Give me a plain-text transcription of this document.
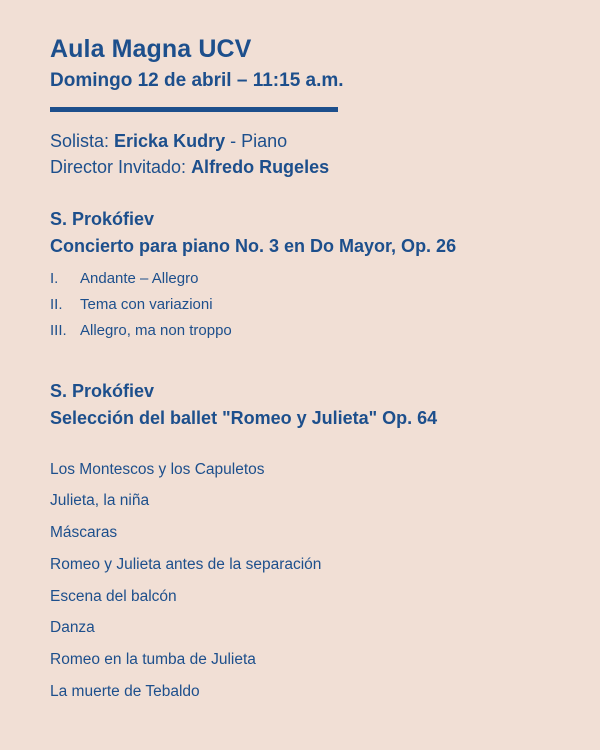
Aula Magna UCV
Domingo 12 de abril – 11:15 a.m.

Solista: Ericka Kudry - Piano

Director Invitado: Alfredo Rugeles

S. Prokófiev

Concierto para piano No. 3 en Do Mayor, Op. 26

I.	Andante – Allegro
II.	Tema con variazioni
III. Allegro, ma non troppo

S. Prokófiev

Selección del ballet "Romeo y Julieta" Op. 64

Los Montescos y los Capuletos
Julieta, la niña
Máscaras
Romeo y Julieta antes de la separación
Escena del balcón
Danza
Romeo en la tumba de Julieta
La muerte de Tebaldo
